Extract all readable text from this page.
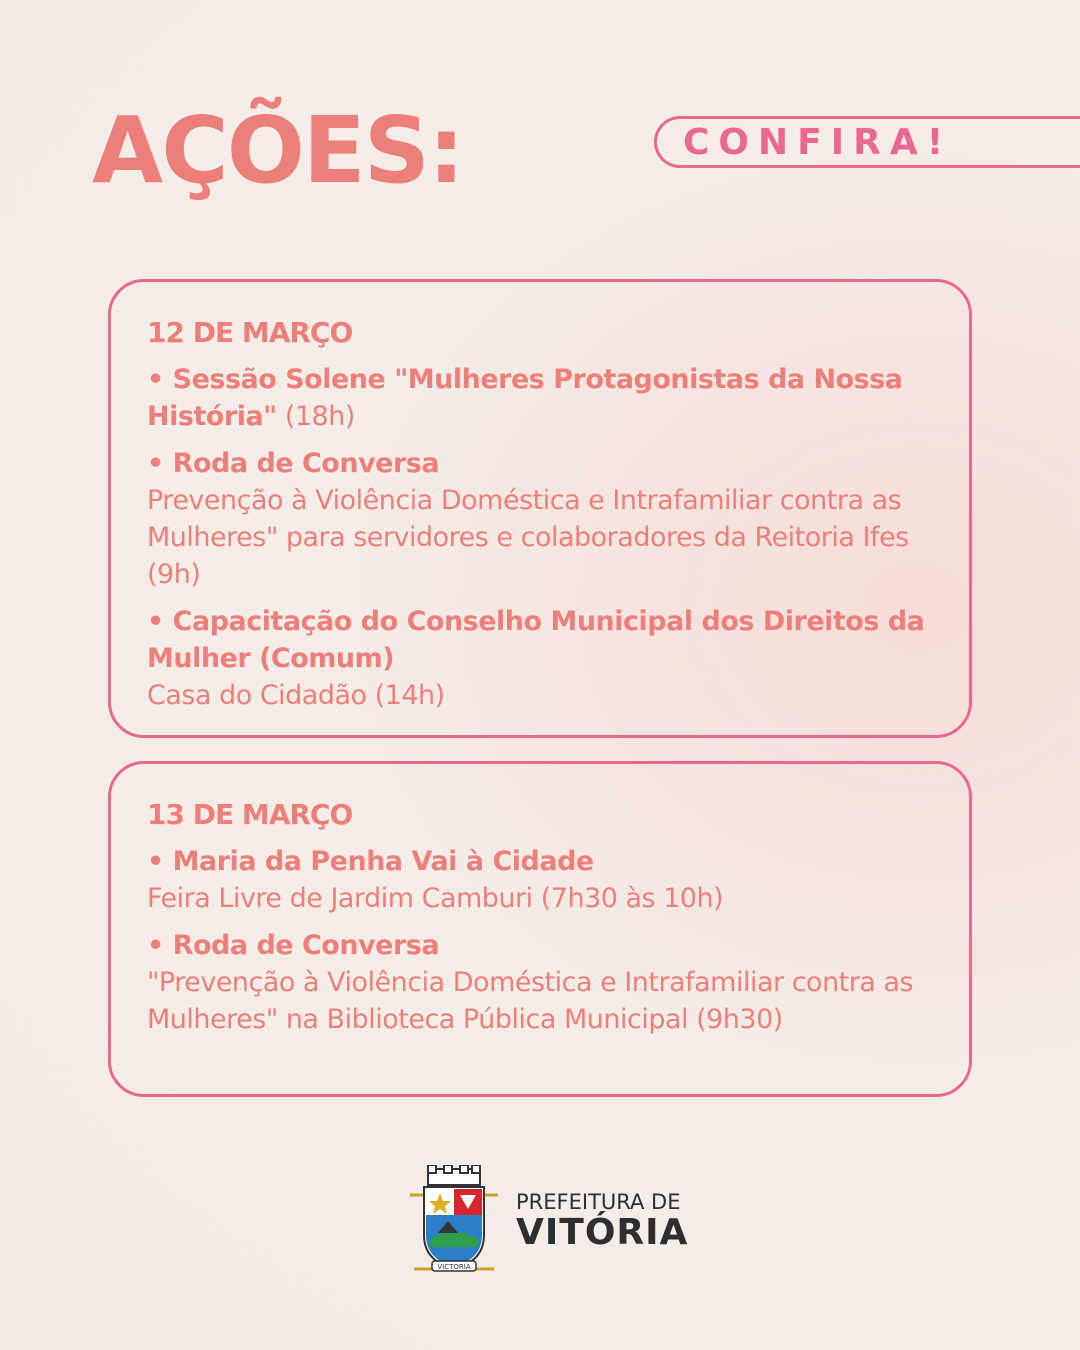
AÇÕES:	CONFIRA!
12 DE MARÇO
• Sessão Solene "Mulheres Protagonistas da Nossa História" (18h)
• Roda de Conversa
Prevenção à Violência Doméstica e Intrafamiliar contra as Mulheres" para servidores e colaboradores da Reitoria Ifes (9h)
• Capacitação do Conselho Municipal dos Direitos da Mulher (Comum)
Casa do Cidadão (14h)
13 DE MARÇO
• Maria da Penha Vai à Cidade
Feira Livre de Jardim Camburi (7h30 às 10h)
• Roda de Conversa
"Prevenção à Violência Doméstica e Intrafamiliar contra as Mulheres" na Biblioteca Pública Municipal (9h30)
VICTORIA
PREFEITURA DE
VITÓRIA
